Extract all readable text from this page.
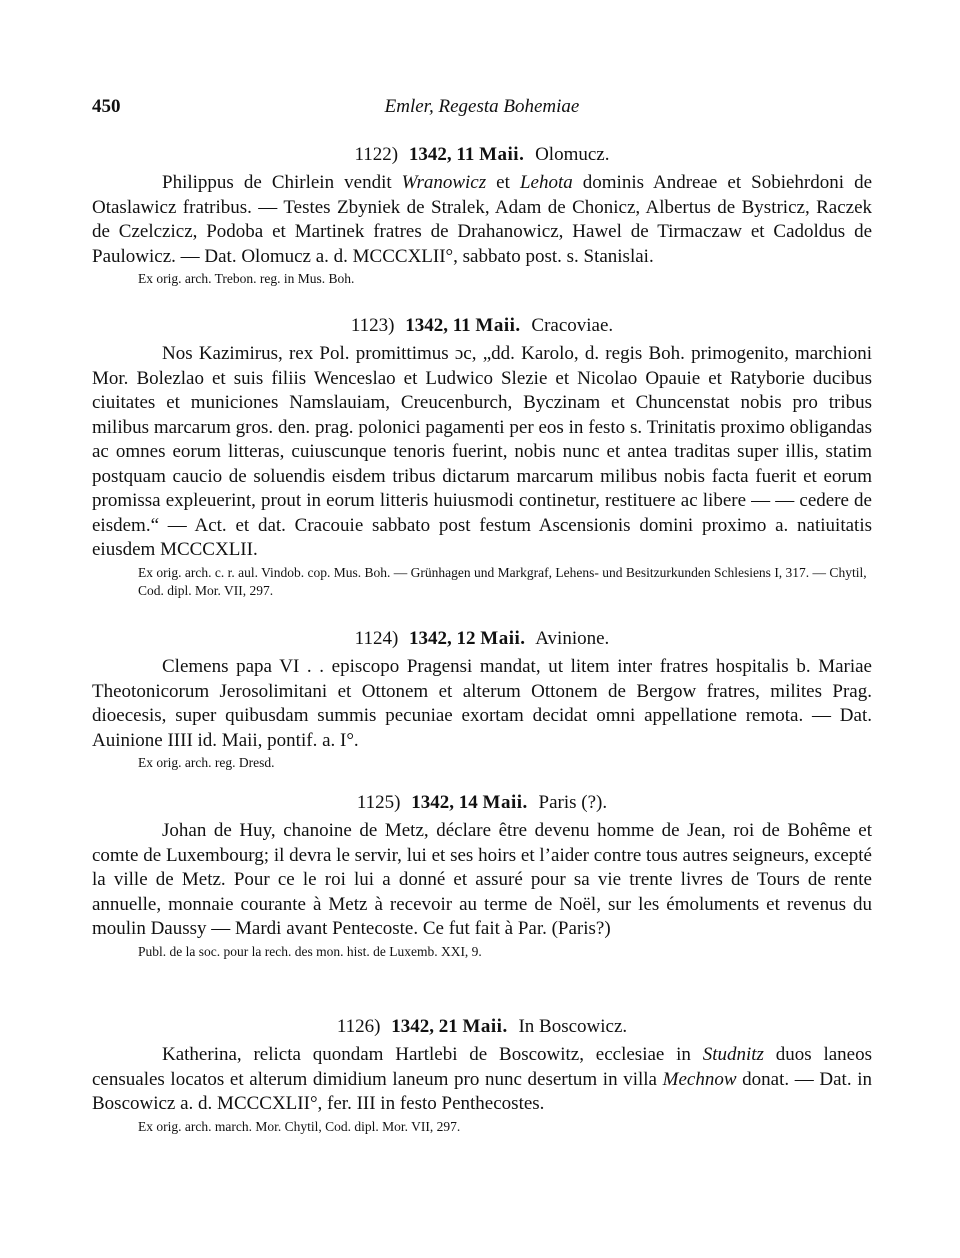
450	Emler, Regesta Bohemiae
1122) 1342, 11 Maii. Olomucz.

Philippus de Chirlein vendit Wranowicz et Lehota dominis Andreae et Sobiehrdoni de Otaslawicz fratribus. — Testes Zbyniek de Stralek, Adam de Chonicz, Albertus de Bystricz, Raczek de Czelczicz, Podoba et Martinek fratres de Drahanowicz, Hawel de Tirmaczaw et Cadoldus de Paulowicz. — Dat. Olomucz a. d. MCCCXLII°, sabbato post. s. Stanislai.

Ex orig. arch. Trebon. reg. in Mus. Boh.
1123) 1342, 11 Maii. Cracoviae.

Nos Kazimirus, rex Pol. promittimus ɔc, „dd. Karolo, d. regis Boh. primogenito, marchioni Mor. Bolezlao et suis filiis Wenceslao et Ludwico Slezie et Nicolao Opauie et Ratyborie ducibus ciuitates et municiones Namslauiam, Creucenburch, Byczinam et Chuncenstat nobis pro tribus milibus marcarum gros. den. prag. polonici pagamenti per eos in festo s. Trinitatis proximo obligandas ac omnes eorum litteras, cuiuscunque tenoris fuerint, nobis nunc et antea traditas super illis, statim postquam caucio de soluendis eisdem tribus dictarum marcarum milibus nobis facta fuerit et eorum promissa expleuerint, prout in eorum litteris huiusmodi continetur, restituere ac libere — — cedere de eisdem.“ — Act. et dat. Cracouie sabbato post festum Ascensionis domini proximo a. natiuitatis eiusdem MCCCXLII.

Ex orig. arch. c. r. aul. Vindob. cop. Mus. Boh. — Grünhagen und Markgraf, Lehens- und Besitzurkunden Schlesiens I, 317. — Chytil, Cod. dipl. Mor. VII, 297.
1124) 1342, 12 Maii. Avinione.

Clemens papa VI . . episcopo Pragensi mandat, ut litem inter fratres hospitalis b. Mariae Theotonicorum Jerosolimitani et Ottonem et alterum Ottonem de Bergow fratres, milites Prag. dioecesis, super quibusdam summis pecuniae exortam decidat omni appellatione remota. — Dat. Auinione IIII id. Maii, pontif. a. I°.

Ex orig. arch. reg. Dresd.
1125) 1342, 14 Maii. Paris (?).

Johan de Huy, chanoine de Metz, déclare être devenu homme de Jean, roi de Bohême et comte de Luxembourg; il devra le servir, lui et ses hoirs et l’aider contre tous autres seigneurs, excepté la ville de Metz. Pour ce le roi lui a donné et assuré pour sa vie trente livres de Tours de rente annuelle, monnaie courante à Metz à recevoir au terme de Noël, sur les émoluments et revenus du moulin Daussy — Mardi avant Pentecoste. Ce fut fait à Par. (Paris?)

Publ. de la soc. pour la rech. des mon. hist. de Luxemb. XXI, 9.
1126) 1342, 21 Maii. In Boscowicz.

Katherina, relicta quondam Hartlebi de Boscowitz, ecclesiae in Studnitz duos laneos censuales locatos et alterum dimidium laneum pro nunc desertum in villa Mechnow donat. — Dat. in Boscowicz a. d. MCCCXLII°, fer. III in festo Penthecostes.

Ex orig. arch. march. Mor. Chytil, Cod. dipl. Mor. VII, 297.
